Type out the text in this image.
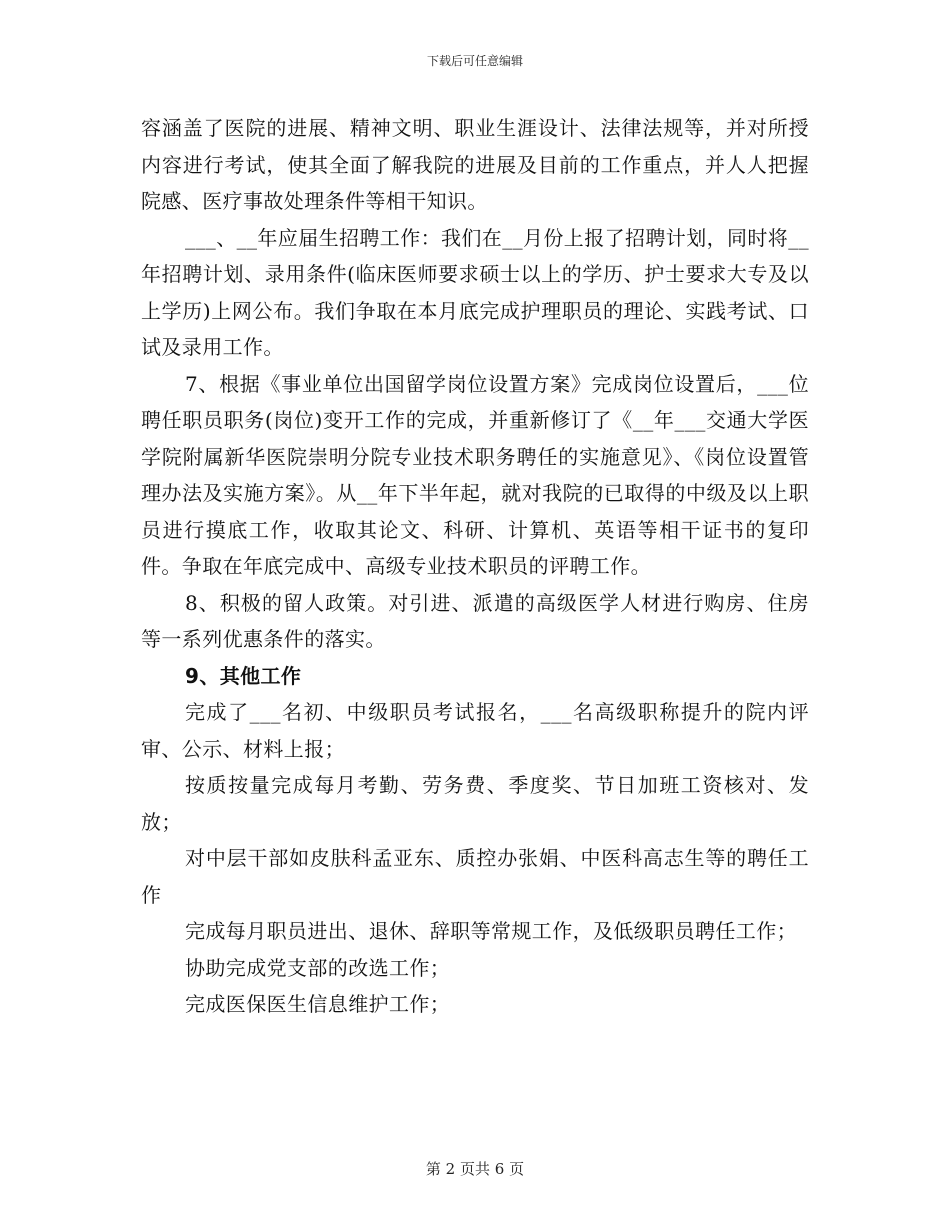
下载后可任意编辑

容涵盖了医院的进展、精神文明、职业生涯设计、法律法规等，并对所授内容进行考试，使其全面了解我院的进展及目前的工作重点，并人人把握院感、医疗事故处理条件等相干知识。

___、__年应届生招聘工作：我们在__月份上报了招聘计划，同时将__年招聘计划、录用条件(临床医师要求硕士以上的学历、护士要求大专及以上学历)上网公布。我们争取在本月底完成护理职员的理论、实践考试、口试及录用工作。

7、根据《事业单位出国留学岗位设置方案》完成岗位设置后，___位聘任职员职务(岗位)变开工作的完成，并重新修订了《__年___交通大学医学院附属新华医院崇明分院专业技术职务聘任的实施意见》、《岗位设置管理办法及实施方案》。从__年下半年起，就对我院的已取得的中级及以上职员进行摸底工作，收取其论文、科研、计算机、英语等相干证书的复印件。争取在年底完成中、高级专业技术职员的评聘工作。

8、积极的留人政策。对引进、派遣的高级医学人材进行购房、住房等一系列优惠条件的落实。

9、其他工作

完成了___名初、中级职员考试报名，___名高级职称提升的院内评审、公示、材料上报；

按质按量完成每月考勤、劳务费、季度奖、节日加班工资核对、发放；

对中层干部如皮肤科孟亚东、质控办张娟、中医科高志生等的聘任工作

完成每月职员进出、退休、辞职等常规工作，及低级职员聘任工作；

协助完成党支部的改选工作；

完成医保医生信息维护工作；

第 2 页共 6 页
